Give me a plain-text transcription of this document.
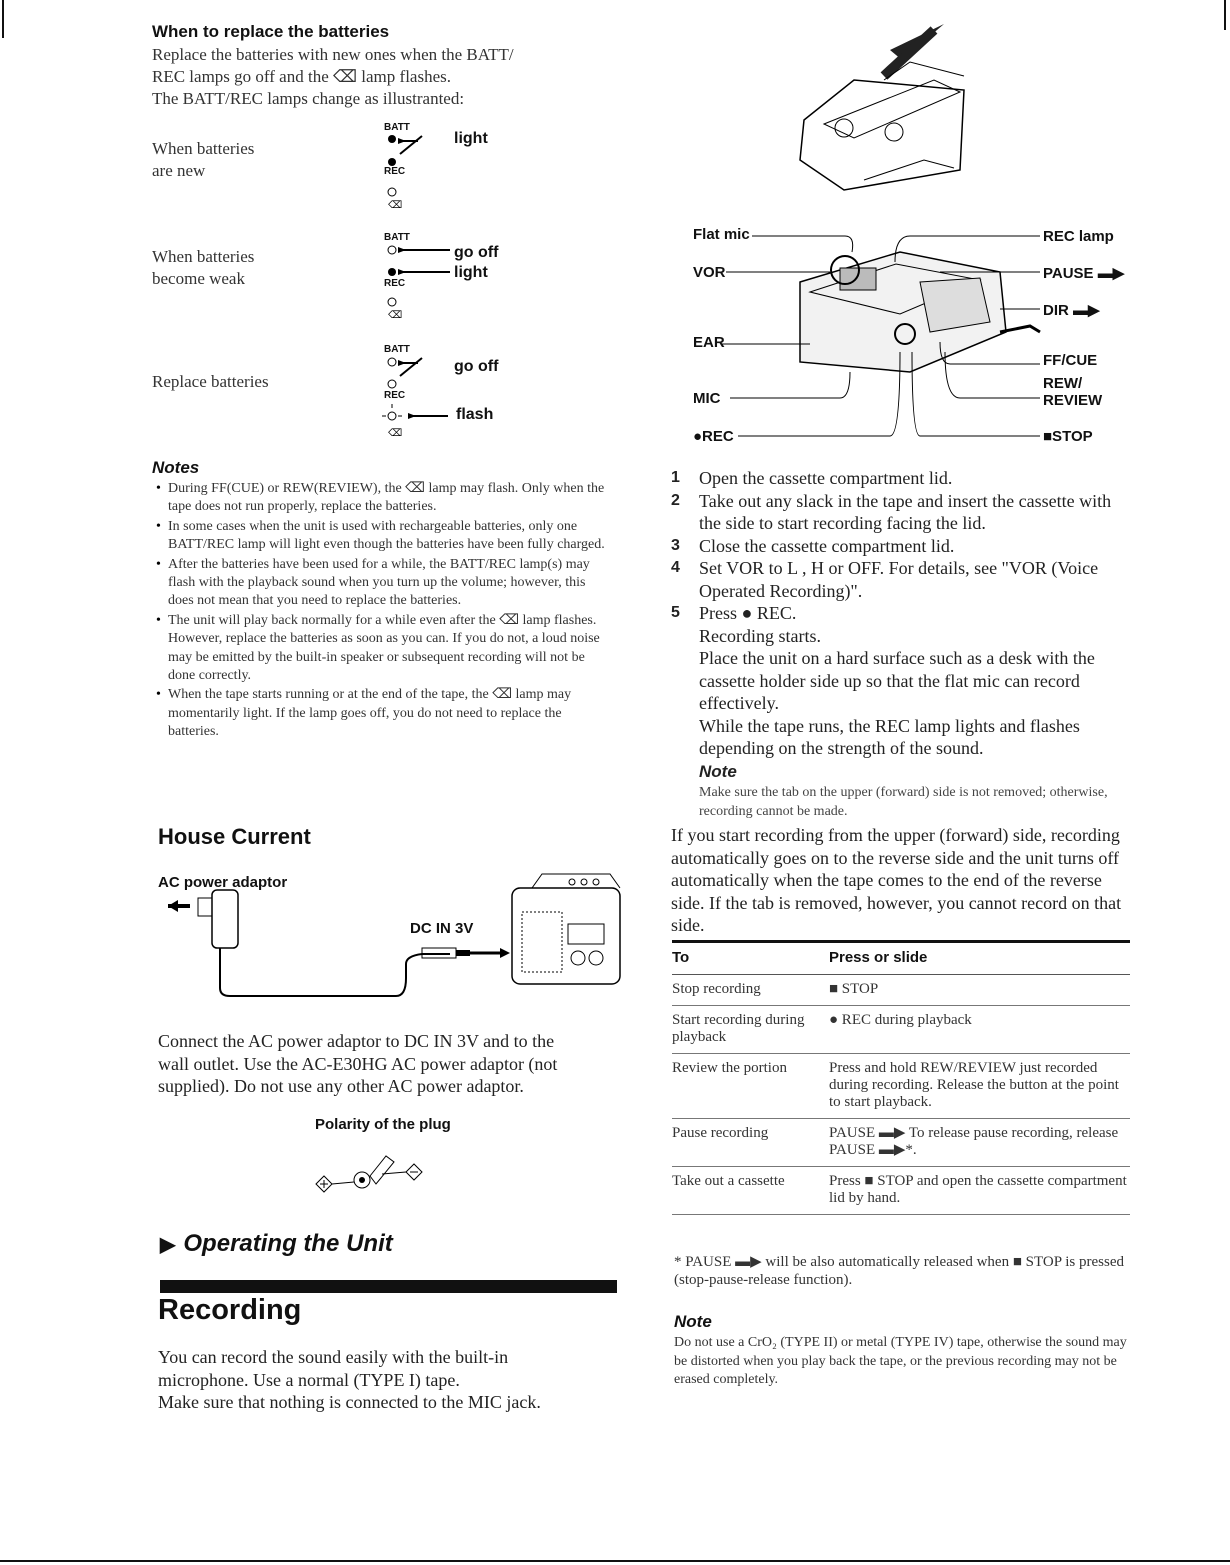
When to replace the batteries
Replace the batteries with new ones when the BATT/
REC lamps go off and the ⌫ lamp flashes.
The BATT/REC lamps change as illustranted:
When batteries
are new
BATT
⌫
REC
light
When batteries
become weak
BATT
⌫
REC
go off
light
Replace batteries
BATT
⌫
REC
go off
flash
Notes
• During FF(CUE) or REW(REVIEW), the ⌫ lamp may flash. Only when the tape does not run properly, replace the batteries.
• In some cases when the unit is used with rechargeable batteries, only one BATT/REC lamp will light even though the batteries have been fully charged.
• After the batteries have been used for a while, the BATT/REC lamp(s) may flash with the playback sound when you turn up the volume; however, this does not mean that you need to replace the batteries.
• The unit will play back normally for a while even after the ⌫ lamp flashes. However, replace the batteries as soon as you can. If you do not, a loud noise may be emitted by the built-in speaker or subsequent recording will not be done correctly.
• When the tape starts running or at the end of the tape, the ⌫ lamp may momentarily light. If the lamp goes off, you do not need to replace the batteries.
House Current
AC power adaptor
DC IN 3V
Connect the AC power adaptor to DC IN 3V and to the
wall outlet. Use the AC-E30HG AC power adaptor (not
supplied). Do not use any other AC power adaptor.
Polarity of the plug
▶ Operating the Unit
Recording
You can record the sound easily with the built-in
microphone. Use a normal (TYPE I) tape.
Make sure that nothing is connected to the MIC jack.
Flat mic
VOR
EAR
MIC
●REC
REC lamp
PAUSE ▬▶
DIR ▬▶
FF/CUE
REW/
REVIEW
■STOP
1 Open the cassette compartment lid.
2 Take out any slack in the tape and insert the cassette with the side to start recording facing the lid.
3 Close the cassette compartment lid.
4 Set VOR to L , H or OFF. For details, see "VOR (Voice Operated Recording)".
5 Press ● REC.
Recording starts.
Place the unit on a hard surface such as a desk with the cassette holder side up so that the flat mic can record effectively.
While the tape runs, the REC lamp lights and flashes depending on the strength of the sound.
Note
Make sure the tab on the upper (forward) side is not removed; otherwise, recording cannot be made.
If you start recording from the upper (forward) side, recording automatically goes on to the reverse side and the unit turns off automatically when the tape comes to the end of the reverse side. If the tab is removed, however, you cannot record on that side.
To	Press or slide
Stop recording	■ STOP
Start recording during playback	● REC during playback
Review the portion	Press and hold REW/REVIEW just recorded during recording. Release the button at the point to start playback.
Pause recording	PAUSE ▬▶ To release pause recording, release PAUSE ▬▶*.
Take out a cassette	Press ■ STOP and open the cassette compartment lid by hand.
* PAUSE ▬▶ will be also automatically released when ■ STOP is pressed (stop-pause-release function).
Note
Do not use a CrO₂ (TYPE II) or metal (TYPE IV) tape, otherwise the sound may be distorted when you play back the tape, or the previous recording may not be erased completely.
